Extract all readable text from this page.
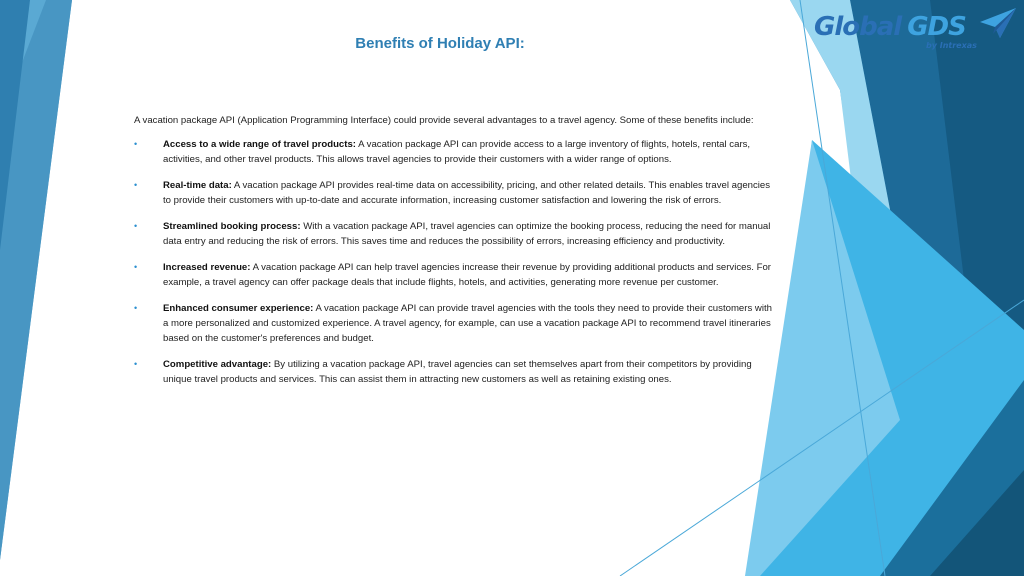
Global GDS
by Intrexas
Benefits of Holiday API:

A vacation package API (Application Programming Interface) could provide several advantages to a travel agency. Some of these benefits include:

•	Access to a wide range of travel products: A vacation package API can provide access to a large inventory of flights, hotels, rental cars, activities, and other travel products. This allows travel agencies to provide their customers with a wider range of options.
•	Real-time data: A vacation package API provides real-time data on accessibility, pricing, and other related details. This enables travel agencies to provide their customers with up-to-date and accurate information, increasing customer satisfaction and lowering the risk of errors.
•	Streamlined booking process: With a vacation package API, travel agencies can optimize the booking process, reducing the need for manual data entry and reducing the risk of errors. This saves time and reduces the possibility of errors, increasing efficiency and productivity.
•	Increased revenue: A vacation package API can help travel agencies increase their revenue by providing additional products and services. For example, a travel agency can offer package deals that include flights, hotels, and activities, generating more revenue per customer.
•	Enhanced consumer experience: A vacation package API can provide travel agencies with the tools they need to provide their customers with a more personalized and customized experience. A travel agency, for example, can use a vacation package API to recommend travel itineraries based on the customer's preferences and budget.
•	Competitive advantage: By utilizing a vacation package API, travel agencies can set themselves apart from their competitors by providing unique travel products and services. This can assist them in attracting new customers as well as retaining existing ones.
